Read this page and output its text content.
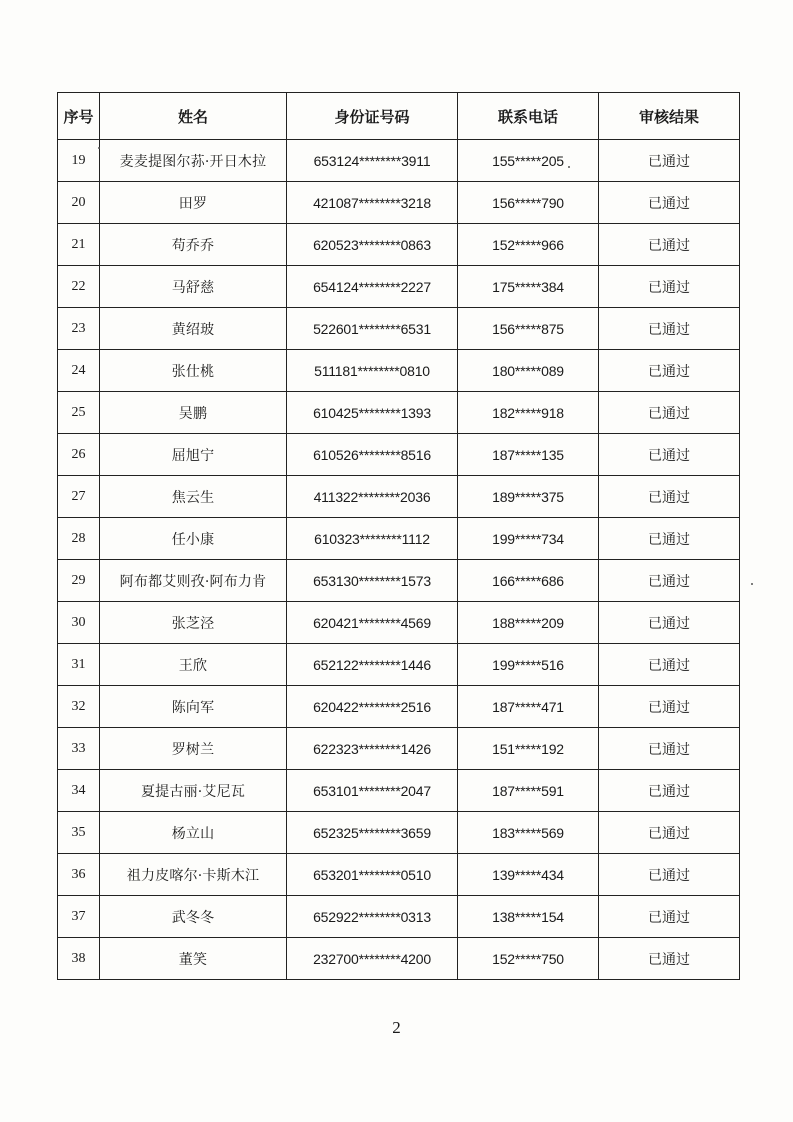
序号	姓名	身份证号码	联系电话	审核结果
19	麦麦提图尔荪·开日木拉	653124********3911	155*****205	已通过
20	田罗	421087********3218	156*****790	已通过
21	苟乔乔	620523********0863	152*****966	已通过
22	马舒慈	654124********2227	175*****384	已通过
23	黄绍玻	522601********6531	156*****875	已通过
24	张仕桃	511181********0810	180*****089	已通过
25	吴鹏	610425********1393	182*****918	已通过
26	屈旭宁	610526********8516	187*****135	已通过
27	焦云生	411322********2036	189*****375	已通过
28	任小康	610323********1112	199*****734	已通过
29	阿布都艾则孜·阿布力肯	653130********1573	166*****686	已通过
30	张芝泾	620421********4569	188*****209	已通过
31	王欣	652122********1446	199*****516	已通过
32	陈向军	620422********2516	187*****471	已通过
33	罗树兰	622323********1426	151*****192	已通过
34	夏提古丽·艾尼瓦	653101********2047	187*****591	已通过
35	杨立山	652325********3659	183*****569	已通过
36	祖力皮喀尔·卡斯木江	653201********0510	139*****434	已通过
37	武冬冬	652922********0313	138*****154	已通过
38	董笑	232700********4200	152*****750	已通过
2
